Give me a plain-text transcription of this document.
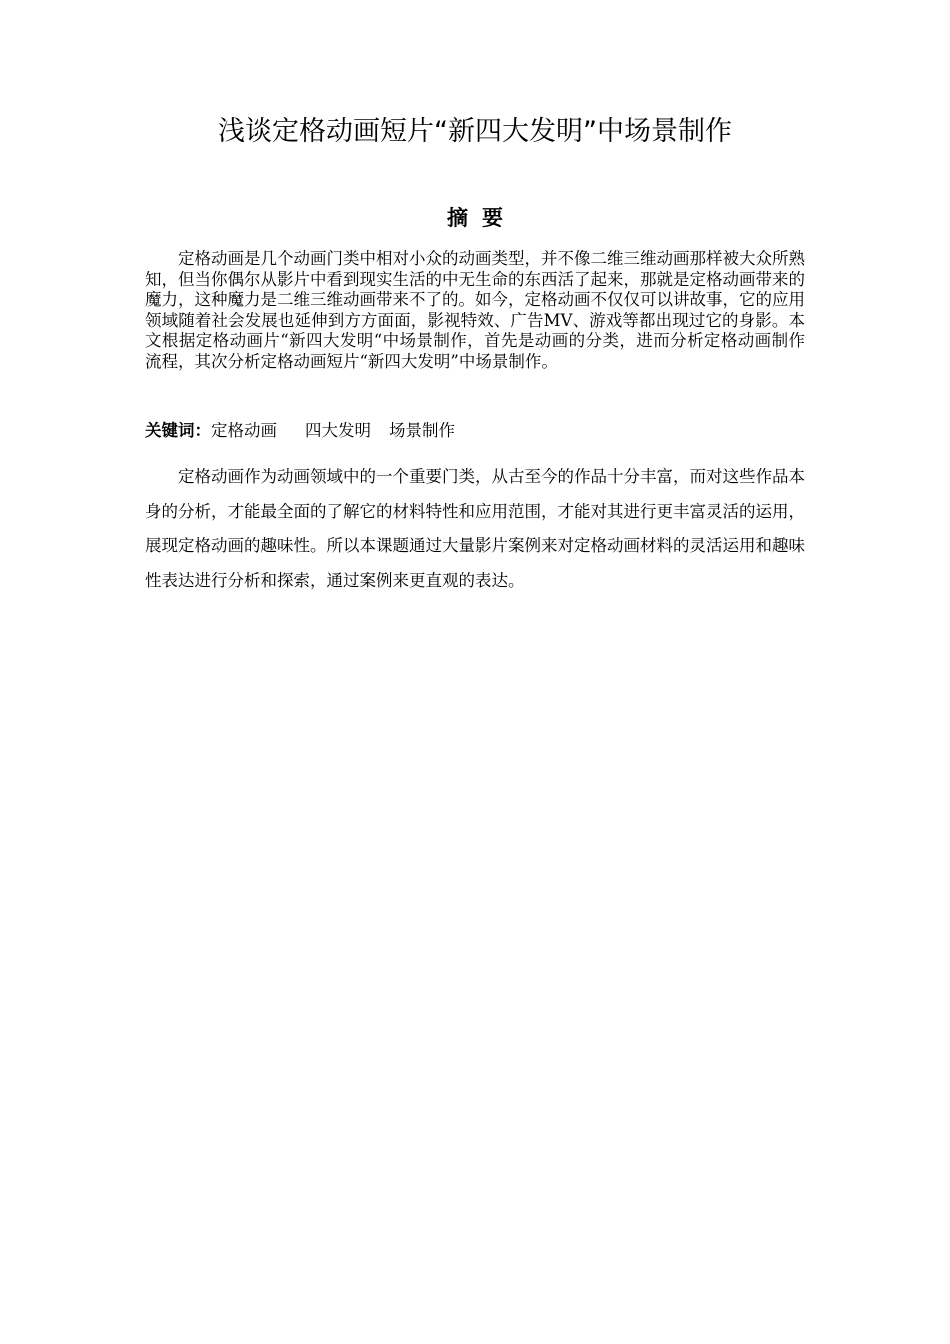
浅谈定格动画短片“新四大发明”中场景制作
摘要

定格动画是几个动画门类中相对小众的动画类型，并不像二维三维动画那样被大众所熟知，但当你偶尔从影片中看到现实生活的中无生命的东西活了起来，那就是定格动画带来的魔力，这种魔力是二维三维动画带来不了的。如今，定格动画不仅仅可以讲故事，它的应用领域随着社会发展也延伸到方方面面，影视特效、广告MV、游戏等都出现过它的身影。本文根据定格动画片“新四大发明“中场景制作，首先是动画的分类，进而分析定格动画制作流程，其次分析定格动画短片“新四大发明”中场景制作。

关键词：定格动画 四大发明 场景制作

定格动画作为动画领域中的一个重要门类，从古至今的作品十分丰富，而对这些作品本身的分析，才能最全面的了解它的材料特性和应用范围，才能对其进行更丰富灵活的运用，展现定格动画的趣味性。所以本课题通过大量影片案例来对定格动画材料的灵活运用和趣味性表达进行分析和探索，通过案例来更直观的表达。
